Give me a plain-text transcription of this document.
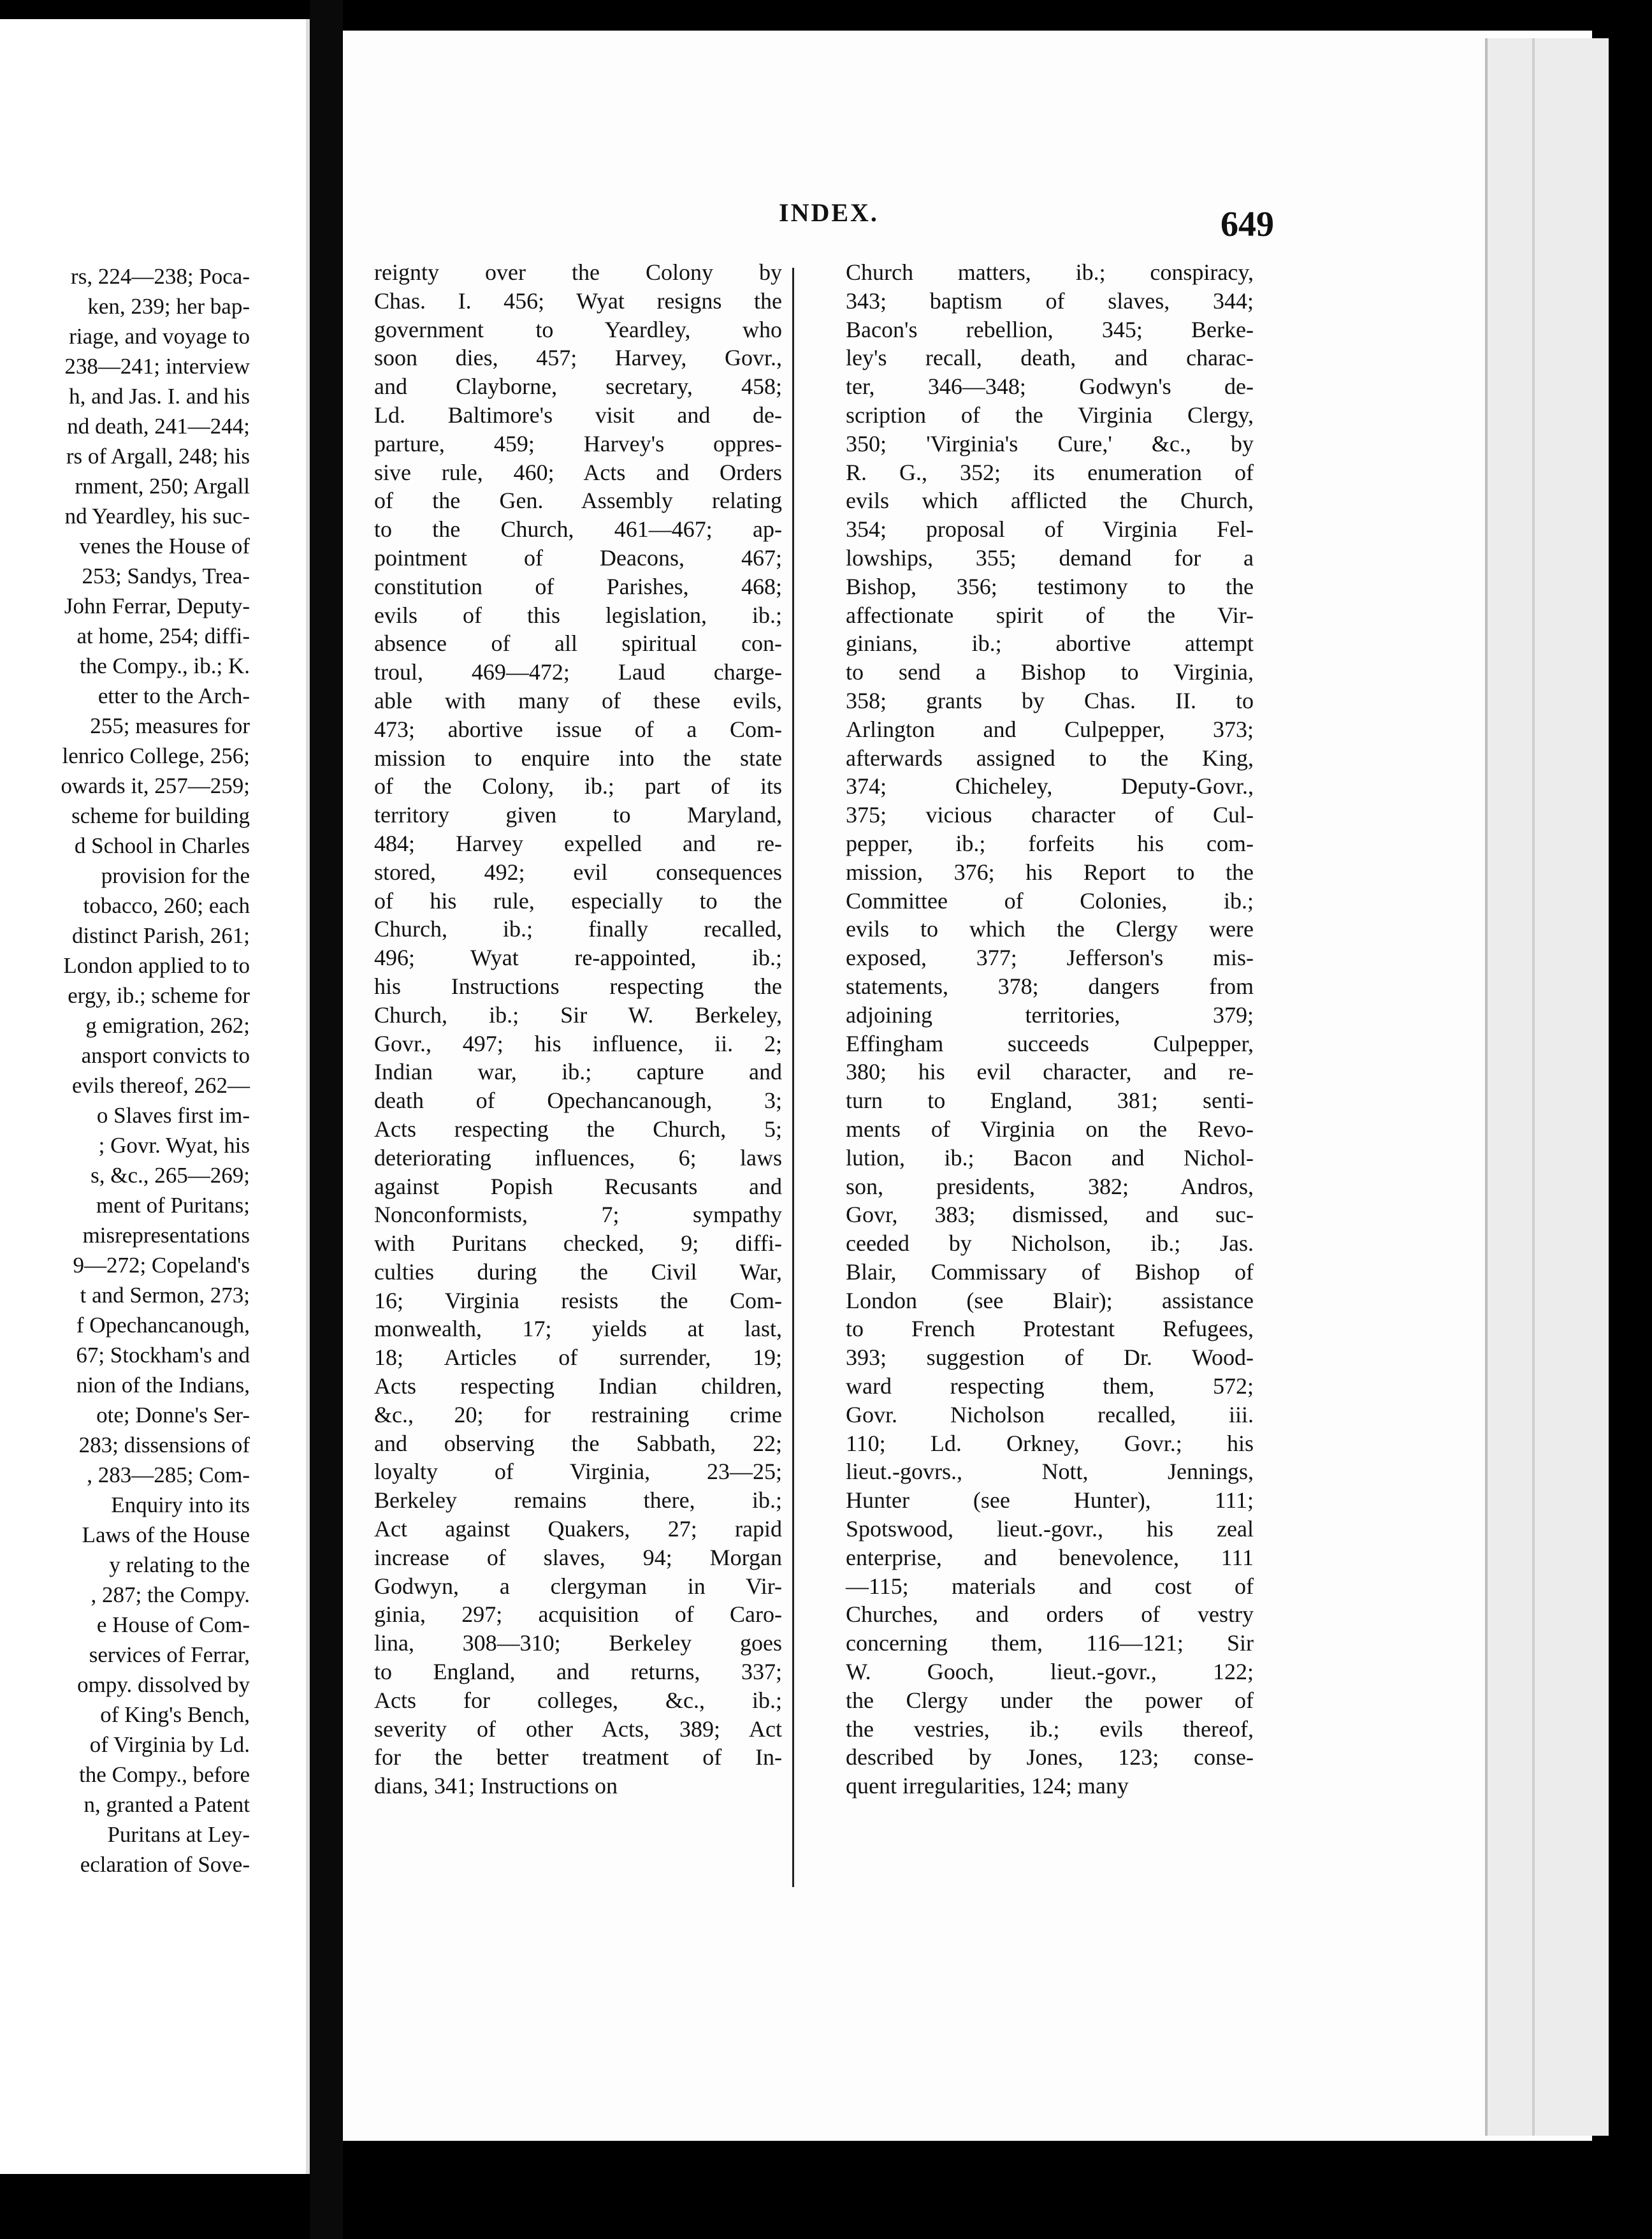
rs, 224—238; Poca-
ken, 239; her bap-
riage, and voyage to
238—241; interview
h, and Jas. I. and his
nd death, 241—244;
rs of Argall, 248; his
rnment, 250; Argall
nd Yeardley, his suc-
venes the House of
253; Sandys, Trea-
John Ferrar, Deputy-
at home, 254; diffi-
the Compy., ib.; K.
etter to the Arch-
255; measures for
lenrico College, 256;
owards it, 257—259;
scheme for building
d School in Charles
provision for the
tobacco, 260; each
distinct Parish, 261;
London applied to to
ergy, ib.; scheme for
g emigration, 262;
ansport convicts to
evils thereof, 262—
o Slaves first im-
; Govr. Wyat, his
s, &c., 265—269;
ment of Puritans;
misrepresentations
9—272; Copeland's
t and Sermon, 273;
f Opechancanough,
67; Stockham's and
nion of the Indians,
ote; Donne's Ser-
283; dissensions of
, 283—285; Com-
Enquiry into its
Laws of the House
y relating to the
, 287; the Compy.
e House of Com-
services of Ferrar,
ompy. dissolved by
of King's Bench,
of Virginia by Ld.
the Compy., before
n, granted a Patent
Puritans at Ley-
eclaration of Sove-
INDEX.	649
reignty over the Colony by
Chas. I. 456; Wyat resigns the
government to Yeardley, who
soon dies, 457; Harvey, Govr.,
and Clayborne, secretary, 458;
Ld. Baltimore's visit and de-
parture, 459; Harvey's oppres-
sive rule, 460; Acts and Orders
of the Gen. Assembly relating
to the Church, 461—467; ap-
pointment of Deacons, 467;
constitution of Parishes, 468;
evils of this legislation, ib.;
absence of all spiritual con-
troul, 469—472; Laud charge-
able with many of these evils,
473; abortive issue of a Com-
mission to enquire into the state
of the Colony, ib.; part of its
territory given to Maryland,
484; Harvey expelled and re-
stored, 492; evil consequences
of his rule, especially to the
Church, ib.; finally recalled,
496; Wyat re-appointed, ib.;
his Instructions respecting the
Church, ib.; Sir W. Berkeley,
Govr., 497; his influence, ii. 2;
Indian war, ib.; capture and
death of Opechancanough, 3;
Acts respecting the Church, 5;
deteriorating influences, 6; laws
against Popish Recusants and
Nonconformists, 7; sympathy
with Puritans checked, 9; diffi-
culties during the Civil War,
16; Virginia resists the Com-
monwealth, 17; yields at last,
18; Articles of surrender, 19;
Acts respecting Indian children,
&c., 20; for restraining crime
and observing the Sabbath, 22;
loyalty of Virginia, 23—25;
Berkeley remains there, ib.;
Act against Quakers, 27; rapid
increase of slaves, 94; Morgan
Godwyn, a clergyman in Vir-
ginia, 297; acquisition of Caro-
lina, 308—310; Berkeley goes
to England, and returns, 337;
Acts for colleges, &c., ib.;
severity of other Acts, 389; Act
for the better treatment of In-
dians, 341; Instructions on
Church matters, ib.; conspiracy,
343; baptism of slaves, 344;
Bacon's rebellion, 345; Berke-
ley's recall, death, and charac-
ter, 346—348; Godwyn's de-
scription of the Virginia Clergy,
350; 'Virginia's Cure,' &c., by
R. G., 352; its enumeration of
evils which afflicted the Church,
354; proposal of Virginia Fel-
lowships, 355; demand for a
Bishop, 356; testimony to the
affectionate spirit of the Vir-
ginians, ib.; abortive attempt
to send a Bishop to Virginia,
358; grants by Chas. II. to
Arlington and Culpepper, 373;
afterwards assigned to the King,
374; Chicheley, Deputy-Govr.,
375; vicious character of Cul-
pepper, ib.; forfeits his com-
mission, 376; his Report to the
Committee of Colonies, ib.;
evils to which the Clergy were
exposed, 377; Jefferson's mis-
statements, 378; dangers from
adjoining territories, 379;
Effingham succeeds Culpepper,
380; his evil character, and re-
turn to England, 381; senti-
ments of Virginia on the Revo-
lution, ib.; Bacon and Nichol-
son, presidents, 382; Andros,
Govr, 383; dismissed, and suc-
ceeded by Nicholson, ib.; Jas.
Blair, Commissary of Bishop of
London (see Blair); assistance
to French Protestant Refugees,
393; suggestion of Dr. Wood-
ward respecting them, 572;
Govr. Nicholson recalled, iii.
110; Ld. Orkney, Govr.; his
lieut.-govrs., Nott, Jennings,
Hunter (see Hunter), 111;
Spotswood, lieut.-govr., his zeal
enterprise, and benevolence, 111
—115; materials and cost of
Churches, and orders of vestry
concerning them, 116—121; Sir
W. Gooch, lieut.-govr., 122;
the Clergy under the power of
the vestries, ib.; evils thereof,
described by Jones, 123; conse-
quent irregularities, 124; many
